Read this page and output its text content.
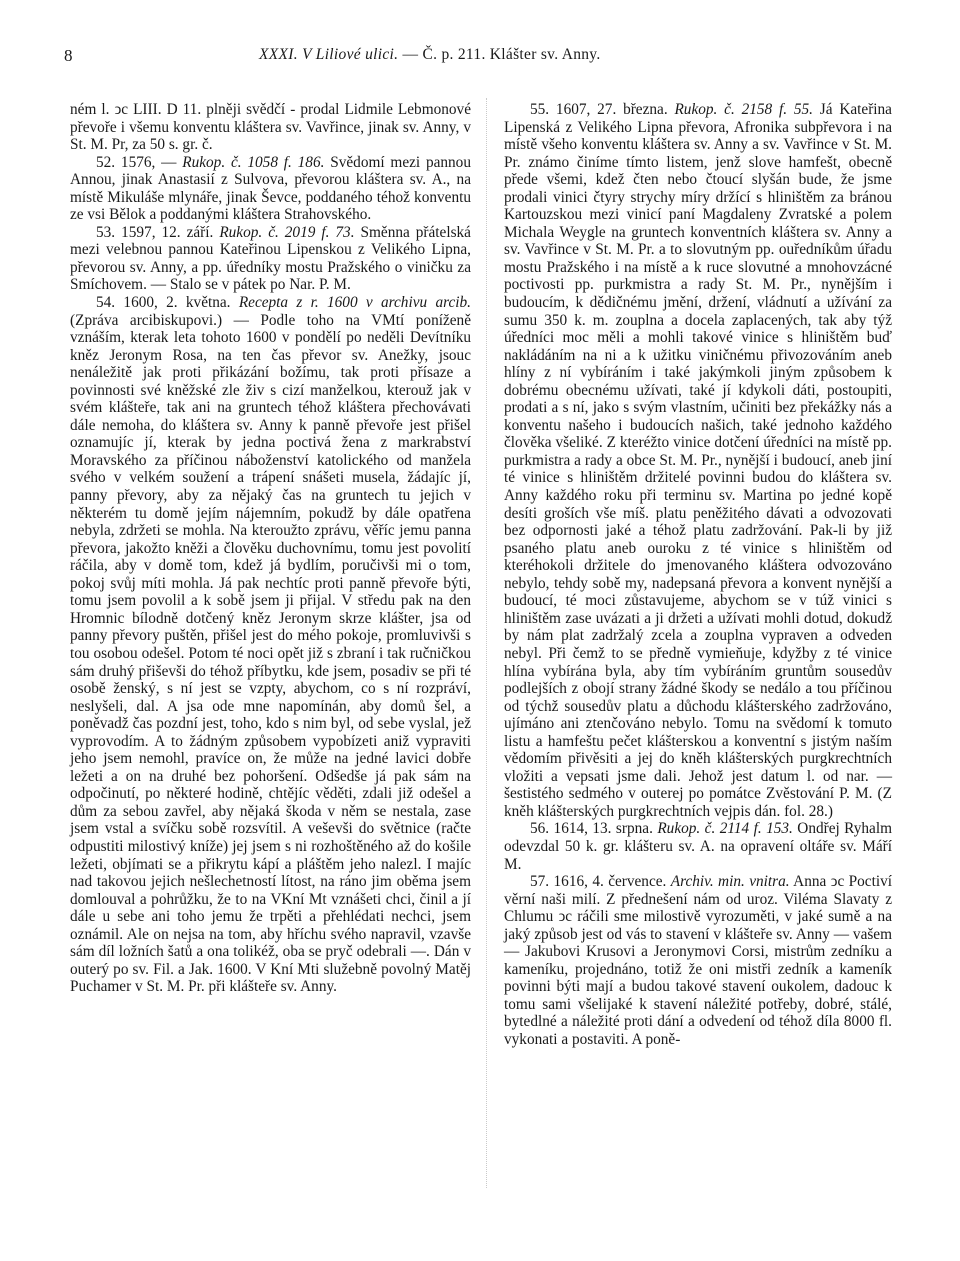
8	XXXI. V Liliové ulici. — Č. p. 211. Klášter sv. Anny.

ném l. ͻc LIII. D 11. plněji svědčí - prodal Lidmile Lebmonové převoře i všemu konventu kláštera sv. Vavřince, jinak sv. Anny, v St. M. Pr, za 50 s. gr. č.

52. 1576, — Rukop. č. 1058 f. 186. Svědomí mezi pannou Annou, jinak Anastasií z Sulvova, převorou kláštera sv. A., na místě Mikuláše mlynáře, jinak Ševce, poddaného téhož konventu ze vsi Bělok a poddanými kláštera Strahovského.

53. 1597, 12. září. Rukop. č. 2019 f. 73. Směnna přátelská mezi velebnou pannou Kateřinou Lipenskou z Velikého Lipna, převorou sv. Anny, a pp. úředníky mostu Pražského o viničku za Smíchovem. — Stalo se v pátek po Nar. P. M.

54. 1600, 2. května. Recepta z r. 1600 v archivu arcib. (Zpráva arcibiskupovi.) — Podle toho na VMtí poníženě vznáším, kterak leta tohoto 1600 v pondělí po neděli Devítníku kněz Jeronym Rosa, na ten čas převor sv. Anežky, jsouc nenáležitě jak proti přikázání božímu, tak proti přísaze a povinnosti své kněžské zle živ s cizí manželkou, kterouž jak v svém klášteře, tak ani na gruntech téhož kláštera přechovávati dále nemoha, do kláštera sv. Anny k panně převoře jest přišel oznamujíc jí, kterak by jedna poctivá žena z markrabství Moravského za příčinou náboženství katolického od manžela svého v velkém soužení a trápení snášeti musela, žádajíc jí, panny převory, aby za nějaký čas na gruntech tu jejich v některém tu domě jejím nájemním, pokudž by dále opatřena nebyla, zdržeti se mohla. Na kteroužto zprávu, věříc jemu panna převora, jakožto kněži a člověku duchovnímu, tomu jest povolití ráčila, aby v domě tom, kdež já bydlím, poručivši mi o tom, pokoj svůj míti mohla. Já pak nechtíc proti panně převoře býti, tomu jsem povolil a k sobě jsem ji přijal. V středu pak na den Hromnic bílodně dotčený kněz Jeronym skrze klášter, jsa od panny převory puštěn, přišel jest do mého pokoje, promluvivši s tou osobou odešel. Potom té noci opět již s zbraní i tak ručničkou sám druhý přiševši do téhož příbytku, kde jsem, posadiv se při té osobě ženský, s ní jest se vzpty, abychom, co s ní rozpráví, neslyšeli, dal. A jsa ode mne napomínán, aby domů šel, a poněvadž čas pozdní jest, toho, kdo s nim byl, od sebe vyslal, jež vyprovodím. A to žádným způsobem vypobízeti aniž vypraviti jeho jsem nemohl, pravíce on, že může na jedné lavici dobře ležeti a on na druhé bez pohoršení. Odšedše já pak sám na odpočinutí, po některé hodině, chtějíc věděti, zdali již odešel a dům za sebou zavřel, aby nějaká škoda v něm se nestala, zase jsem vstal a svíčku sobě rozsvítil. A veševši do světnice (račte odpustiti milostivý kníže) jej jsem s ni rozhoštěného až do košile ležeti, objímati se a přikrytu kápí a pláštěm jeho nalezl. I majíc nad takovou jejich nešlechetností lítost, na ráno jim oběma jsem domlouval a pohrůžku, že to na VKní Mt vznášeti chci, činil a jí dále u sebe ani toho jemu že trpěti a přehlédati nechci, jsem oznámil. Ale on nejsa na tom, aby hříchu svého napravil, vzavše sám díl ložních šatů a ona tolikéž, oba se pryč odebrali —. Dán v outerý po sv. Fil. a Jak. 1600. V Kní Mti služebně povolný Matěj Puchamer v St. M. Pr. při klášteře sv. Anny.

55. 1607, 27. března. Rukop. č. 2158 f. 55. Já Kateřina Lipenská z Velikého Lipna převora, Afronika subpřevora i na místě všeho konventu kláštera sv. Anny a sv. Vavřince v St. M. Pr. známo činíme tímto listem, jenž slove hamfešt, obecně přede všemi, kdež čten nebo čtoucí slyšán bude, že jsme prodali vinici čtyry strychy míry držící s hliništěm za bránou Kartouzskou mezi vinicí paní Magdaleny Zvratské a polem Michala Weygle na gruntech konventních kláštera sv. Anny a sv. Vavřince v St. M. Pr. a to slovutným pp. ouředníkům úřadu mostu Pražského i na místě a k ruce slovutné a mnohovzácné poctivosti pp. purkmistra a rady St. M. Pr., nynějším i budoucím, k dědičnému jmění, držení, vládnutí a užívání za sumu 350 k. m. zouplna a docela zaplacených, tak aby týž úředníci moc měli a mohli takové vinice s hliništěm buď nakládáním na ni a k užitku viničnému přivozováním aneb hlíny z ní vybíráním i také jakýmkoli jiným způsobem k dobrému obecnému užívati, také jí kdykoli dáti, postoupiti, prodati a s ní, jako s svým vlastním, učiniti bez překážky nás a konventu našeho i budoucích našich, také jednoho každého člověka všeliké. Z kteréžto vinice dotčení úředníci na místě pp. purkmistra a rady a obce St. M. Pr., nynější i budoucí, aneb jiní té vinice s hliništěm držitelé povinni budou do kláštera sv. Anny každého roku při terminu sv. Martina po jedné kopě desíti groších vše míš. platu peněžitého dávati a odvozovati bez odpornosti jaké a téhož platu zadržování. Pak-li by již psaného platu aneb ouroku z té vinice s hliništěm od kteréhokoli držitele do jmenovaného kláštera odvozováno nebylo, tehdy sobě my, nadepsaná převora a konvent nynější a budoucí, té moci zůstavujeme, abychom se v túž vinici s hliništěm zase uvázati a ji držeti a užívati mohli dotud, dokudž by nám plat zadržalý zcela a zouplna vypraven a odveden nebyl. Při čemž to se předně vymieňuje, kdyžby z té vinice hlína vybírána byla, aby tím vybíráním gruntům sousedův podlejších z obojí strany žádné škody se nedálo a tou příčinou od týchž sousedův platu a důchodu klášterského zadržováno, ujímáno ani ztenčováno nebylo. Tomu na svědomí k tomuto listu a hamfeštu pečet klášterskou a konventní s jistým naším vědomím přivěsiti a jej do kněh klášterských purgkrechtních vložiti a vepsati jsme dali. Jehož jest datum l. od nar. — šestistého sedmého v outerej po pomátce Zvěstování P. M. (Z kněh klášterských purgkrechtních vejpis dán. fol. 28.)

56. 1614, 13. srpna. Rukop. č. 2114 f. 153. Ondřej Ryhalm odevzdal 50 k. gr. klášteru sv. A. na opravení oltáře sv. Máří M.

57. 1616, 4. července. Archiv. min. vnitra. Anna ͻc Poctiví věrní naši milí. Z přednešení nám od uroz. Viléma Slavaty z Chlumu ͻc ráčili sme milostivě vyrozuměti, v jaké sumě a na jaký způsob jest od vás to stavení v klášteře sv. Anny — vašem — Jakubovi Krusovi a Jeronymovi Corsi, mistrům zedníku a kameníku, projednáno, totiž že oni mistři zedník a kameník povinni býti mají a budou takové stavení oukolem, dadouc k tomu sami všelijaké k stavení náležité potřeby, dobré, stálé, bytedlné a náležité proti dání a odvedení od téhož díla 8000 fl. vykonati a postaviti. A poně-
